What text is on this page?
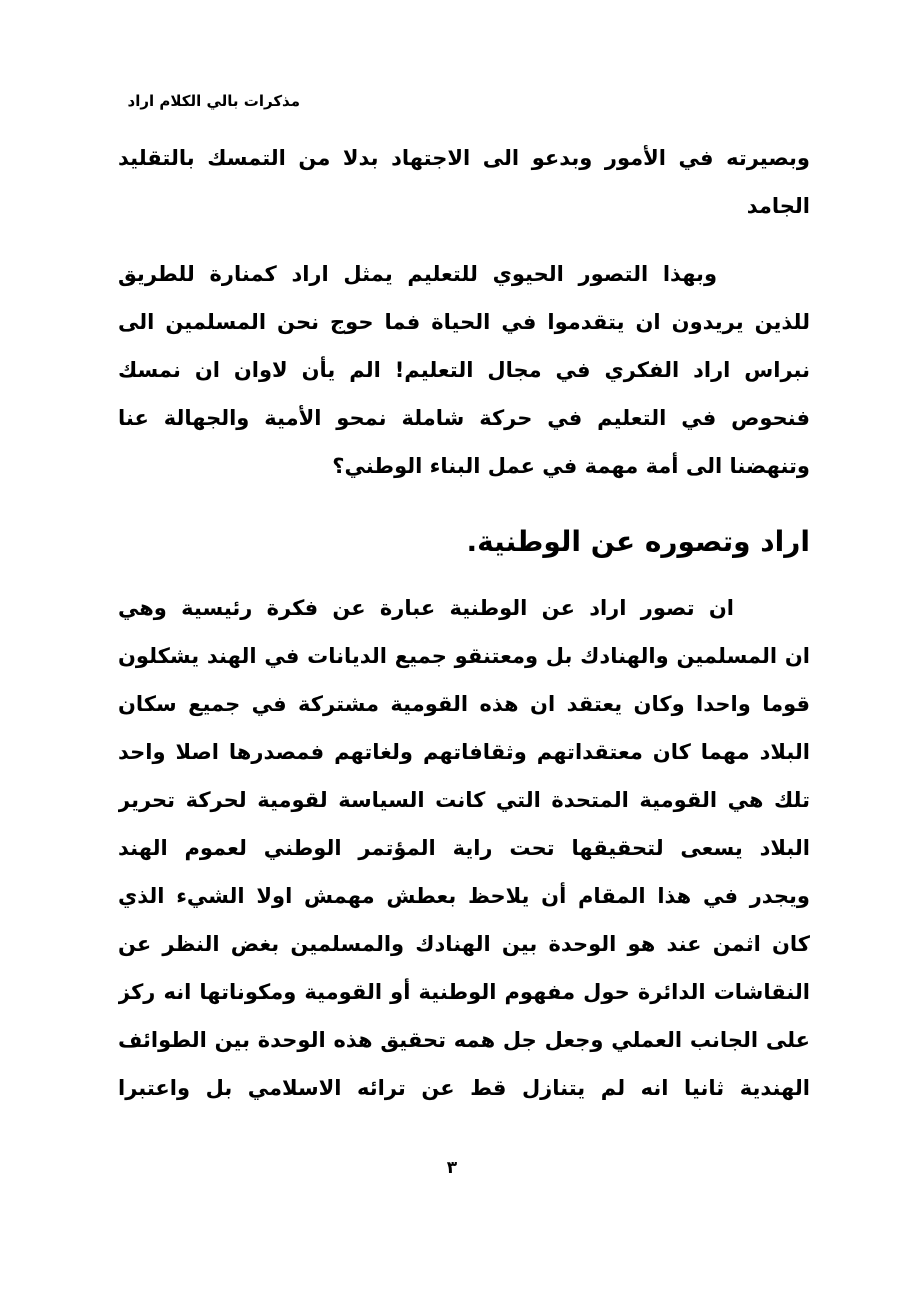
مذكرات بالي الكلام اراد
وبصيرته في الأمور وبدعو الى الاجتهاد بدلا من التمسك بالتقليد
الجامد
وبهذا التصور الحيوي للتعليم يمثل اراد كمنارة للطريق
للذين يريدون ان يتقدموا في الحياة فما حوج نحن المسلمين الى
نبراس اراد الفكري في مجال التعليم! الم يأن لاوان ان نمسك
فنحوص في التعليم في حركة شاملة نمحو الأمية والجهالة عنا
وتنهضنا الى أمة مهمة في عمل البناء الوطني؟
اراد وتصوره عن الوطنية.
ان تصور اراد عن الوطنية عبارة عن فكرة رئيسية وهي
ان المسلمين والهنادك بل ومعتنقو جميع الديانات في الهند يشكلون
قوما واحدا وكان يعتقد ان هذه القومية مشتركة في جميع سكان
البلاد مهما كان معتقداتهم وثقافاتهم ولغاتهم فمصدرها اصلا واحد
تلك هي القومية المتحدة التي كانت السياسة لقومية لحركة تحرير
البلاد يسعى لتحقيقها تحت راية المؤتمر الوطني لعموم الهند
ويجدر في هذا المقام أن يلاحظ بعطش مهمش اولا الشيء الذي
كان اثمن عند هو الوحدة بين الهنادك والمسلمين بغض النظر عن
النقاشات الدائرة حول مفهوم الوطنية أو القومية ومكوناتها انه ركز
على الجانب العملي وجعل جل همه تحقيق هذه الوحدة بين الطوائف
الهندية ثانيا انه لم يتنازل قط عن ترائه الاسلامي بل واعتبرا
٣
